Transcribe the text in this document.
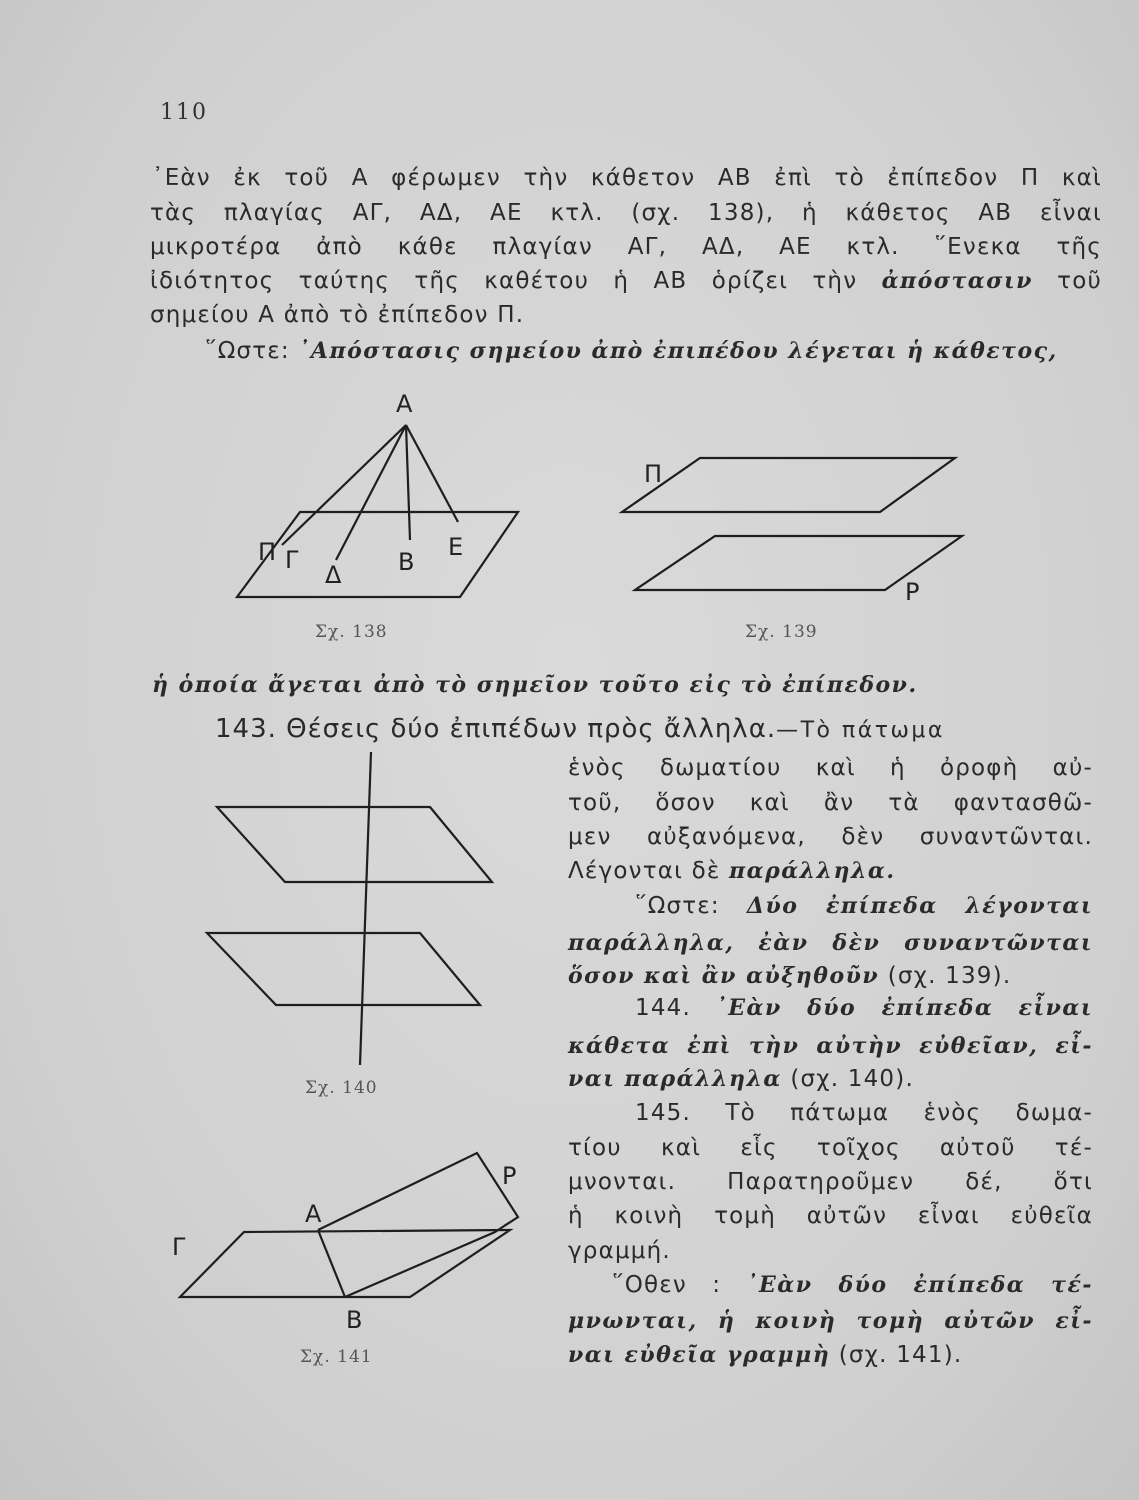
110
᾿Εὰν ἐκ τοῦ Α φέρωμεν τὴν κάθετον ΑΒ ἐπὶ τὸ ἐπίπεδον Π καὶ
τὰς πλαγίας ΑΓ, ΑΔ, ΑΕ κτλ. (σχ. 138), ἡ κάθετος ΑΒ εἶναι
μικροτέρα ἀπὸ κάθε πλαγίαν ΑΓ, ΑΔ, ΑΕ κτλ. ῞Ενεκα τῆς
ἰδιότητος ταύτης τῆς καθέτου ἡ ΑΒ ὁρίζει τὴν ἀπόστασιν τοῦ
σημείου Α ἀπὸ τὸ ἐπίπεδον Π.
῞Ωστε: ᾿Απόστασις σημείου ἀπὸ ἐπιπέδου λέγεται ἡ κάθετος,
Α
Π Γ
Δ Β
Ε
Π
Ρ
Γ
Α
Ρ
Β
Σχ. 138	Σχ. 139
ἡ ὁποία ἄγεται ἀπὸ τὸ σημεῖον τοῦτο εἰς τὸ ἐπίπεδον.
143. Θέσεις δύο ἐπιπέδων πρὸς ἄλληλα.—Τὸ πάτωμα
ἑνὸς δωματίου καὶ ἡ ὀροφὴ αὐ-
τοῦ, ὅσον καὶ ἂν τὰ φαντασθῶ-
μεν αὐξανόμενα, δὲν συναντῶνται.
Λέγονται δὲ παράλληλα.
῞Ωστε: Δύο ἐπίπεδα λέγονται
παράλληλα, ἐὰν δὲν συναντῶνται
ὅσον καὶ ἂν αὐξηθοῦν (σχ. 139).
144. ᾿Εὰν δύο ἐπίπεδα εἶναι
κάθετα ἐπὶ τὴν αὐτὴν εὐθεῖαν, εἶ-
ναι παράλληλα (σχ. 140).
145. Τὸ πάτωμα ἑνὸς δωμα-
τίου καὶ εἷς τοῖχος αὐτοῦ τέ-
μνονται. Παρατηροῦμεν δέ, ὅτι
ἡ κοινὴ τομὴ αὐτῶν εἶναι εὐθεῖα
γραμμή.
῞Οθεν : ᾿Εὰν δύο ἐπίπεδα τέ-
μνωνται, ἡ κοινὴ τομὴ αὐτῶν εἶ-
ναι εὐθεῖα γραμμὴ (σχ. 141).
Σχ. 140
Σχ. 141
